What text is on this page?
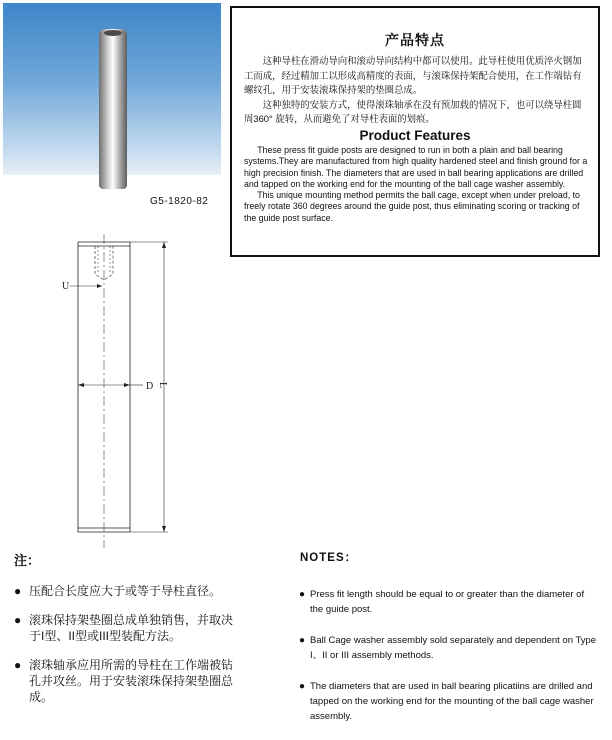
G5-1820-82
产品特点

这种导柱在滑动导向和滚动导向结构中都可以使用。此导柱使用优质淬火钢加工而成，经过精加工以形成高精度的表面，与滚珠保持架配合使用，在工作端钻有螺纹孔，用于安装滚珠保持架的垫圈总成。

这种独特的安装方式，使得滚珠轴承在没有预加载的情况下，也可以绕导柱圆周360° 旋转，从而避免了对导柱表面的划痕。

Product Features

These press fit guide posts are designed to run in both a plain and ball bearing systems.They are manufactured from high quality hardened steel and finish ground for a high precision finish. The diameters that are used in ball bearing applications are drilled and tapped on the working end for the mounting of the ball cage washer assembly.

This unique mounting method permits the ball cage, except when under preload, to freely rotate 360 degrees around the guide post, thus eliminating scoring or tracking of the guide post surface.

U
D L
注：	NOTES：
● 压配合长度应大于或等于导柱直径。
● 滚珠保持架垫圈总成单独销售，并取决于I型、II型或III型装配方法。
● 滚珠轴承应用所需的导柱在工作端被钻孔并攻丝。用于安装滚珠保持架垫圈总成。
● Press fit length should be equal to or greater than the diameter of the guide post.
● Ball Cage washer assembly sold separately and dependent on Type I、II or III assembly methods.
● The diameters that are used in ball bearing plicatiins are drilled and tapped on the working end for the mounting of the ball cage washer assembly.
